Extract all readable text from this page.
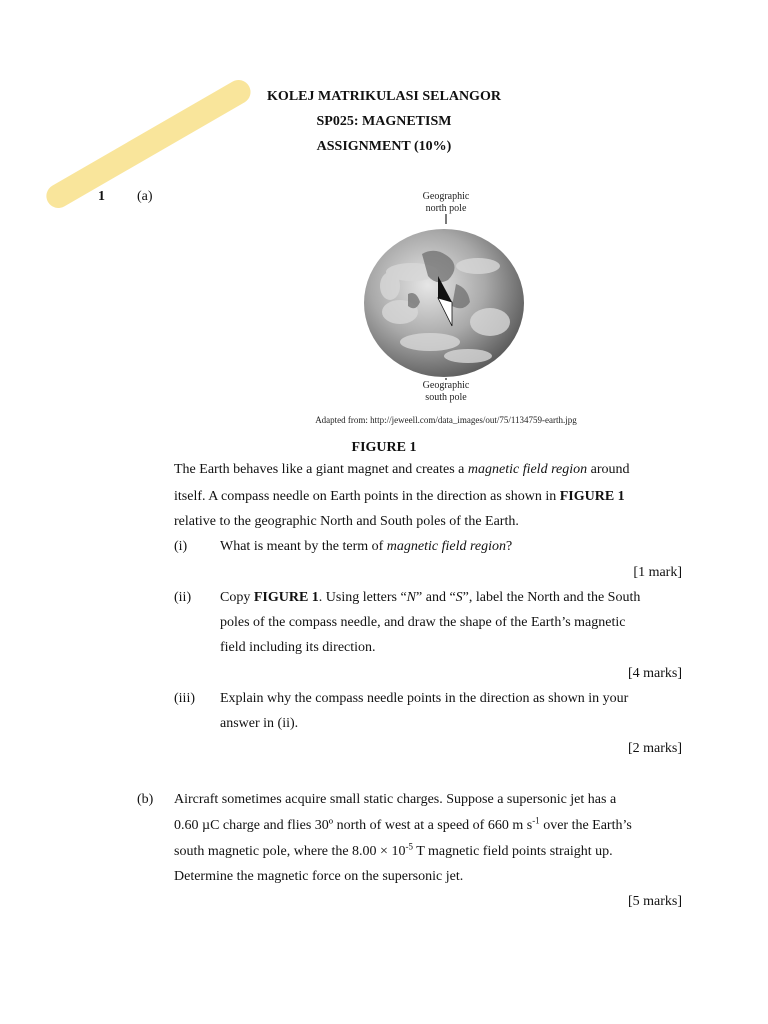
KOLEJ MATRIKULASI SELANGOR
SP025: MAGNETISM
ASSIGNMENT (10%)
1 (a)	Geographic
north pole
Geographic
south pole
Adapted from: http://jeweell.com/data_images/out/75/1134759-earth.jpg
FIGURE 1
The Earth behaves like a giant magnet and creates a magnetic field region around
itself. A compass needle on Earth points in the direction as shown in FIGURE 1
relative to the geographic North and South poles of the Earth.
(i) What is meant by the term of magnetic field region?
[1 mark]
(ii) Copy FIGURE 1. Using letters “N” and “S”, label the North and the South
poles of the compass needle, and draw the shape of the Earth’s magnetic
field including its direction.
[4 marks]
(iii) Explain why the compass needle points in the direction as shown in your
answer in (ii).
[2 marks]
(b) Aircraft sometimes acquire small static charges. Suppose a supersonic jet has a
0.60 µC charge and flies 30º north of west at a speed of 660 m $s^{-1}$ over the Earth’s
south magnetic pole, where the $8.00 \times 10^{-5}$ T magnetic field points straight up.
Determine the magnetic force on the supersonic jet.
[5 marks]
